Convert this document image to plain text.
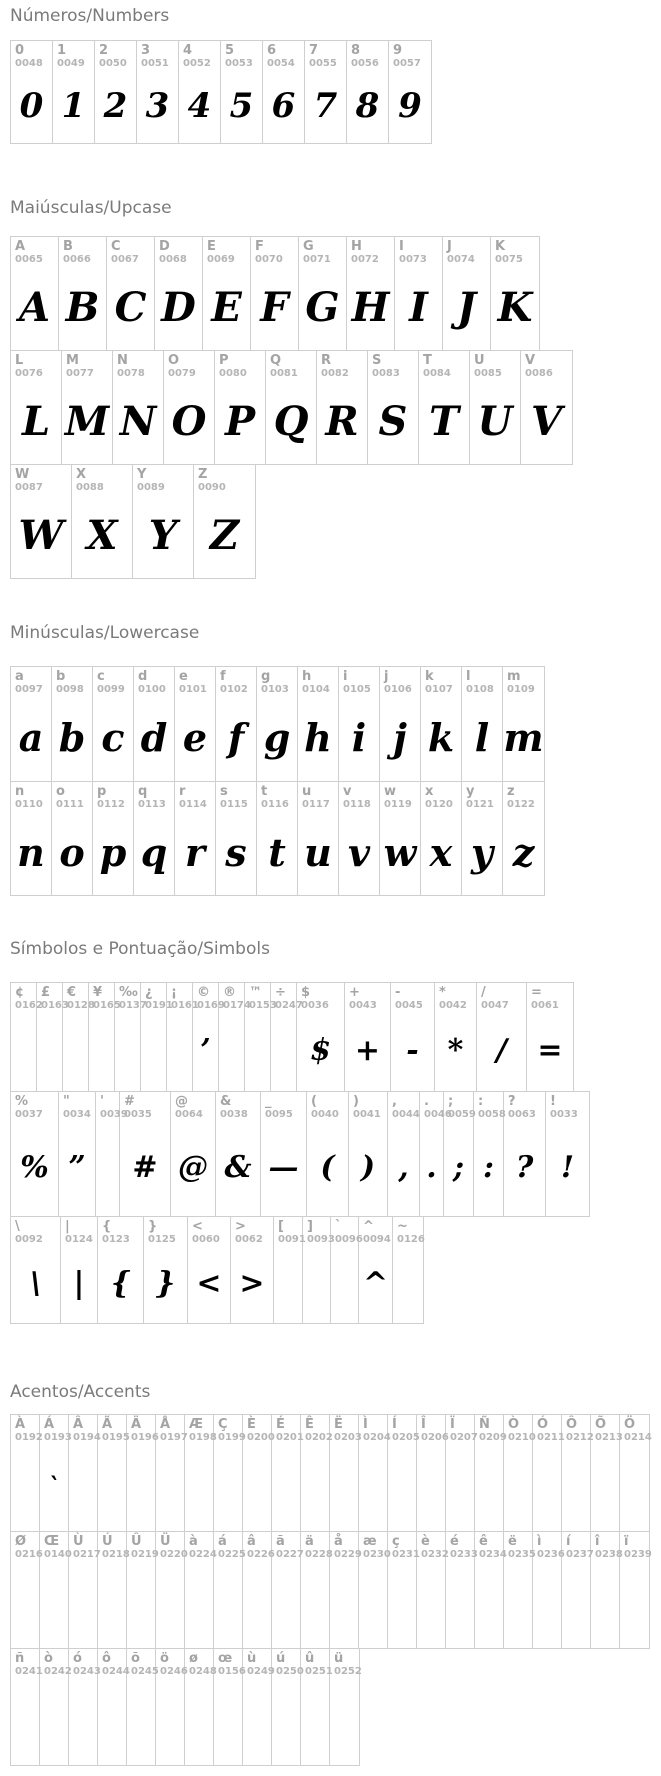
Números/Numbers
0
0048
0
1
0049
1
2
0050
2
3
0051
3
4
0052
4
5
0053
5
6
0054
6
7
0055
7
8
0056
8
9
0057
9
Maiúsculas/Upcase
A
0065
A
B
0066
B
C
0067
C
D
0068
D
E
0069
E
F
0070
F
G
0071
G
H
0072
H
I
0073
I
J
0074
J
K
0075
K
L
0076
L
M
0077
M
N
0078
N
O
0079
O
P
0080
P
Q
0081
Q
R
0082
R
S
0083
S
T
0084
T
U
0085
U
V
0086
V
W
0087
W
X
0088
X
Y
0089
Y
Z
0090
Z
Minúsculas/Lowercase
a
0097
a
b
0098
b
c
0099
c
d
0100
d
e
0101
e
f
0102
f
g
0103
g
h
0104
h
i
0105
i
j
0106
j
k
0107
k
l
0108
l
m
0109
m
n
0110
n
o
0111
o
p
0112
p
q
0113
q
r
0114
r
s
0115
s
t
0116
t
u
0117
u
v
0118
v
w
0119
w
x
0120
x
y
0121
y
z
0122
z
Símbolos e Pontuação/Simbols
¢
0162
£
0163
€
0128
¥
0165
‰
0137
¿
0191
¡
0161
©
0169
’
®
0174
™
0153
÷
0247
$
0036
$
+
0043
+
-
0045
-
*
0042
*
/
0047
/
=
0061
=
%
0037
%
"
0034
”
'
0039
#
0035
#
@
0064
@
&
0038
&
_
0095
—
(
0040
(
)
0041
)
,
0044
,
.
0046
.
;
0059
;
:
0058
:
?
0063
?
!
0033
!
\
0092
\
|
0124
|
{
0123
{
}
0125
}
<
0060
<
>
0062
>
[
0091
]
0093
`
0096
^
0094
^
~
0126
Acentos/Accents
À
0192
Á
0193
`
Â
0194
Ã
0195
Ä
0196
Å
0197
Æ
0198
Ç
0199
È
0200
É
0201
Ê
0202
Ë
0203
Ì
0204
Í
0205
Î
0206
Ï
0207
Ñ
0209
Ò
0210
Ó
0211
Ô
0212
Õ
0213
Ö
0214
Ø
0216
Œ
0140
Ù
0217
Ú
0218
Û
0219
Ü
0220
à
0224
á
0225
â
0226
ã
0227
ä
0228
å
0229
æ
0230
ç
0231
è
0232
é
0233
ê
0234
ë
0235
ì
0236
í
0237
î
0238
ï
0239
ñ
0241
ò
0242
ó
0243
ô
0244
õ
0245
ö
0246
ø
0248
œ
0156
ù
0249
ú
0250
û
0251
ü
0252
